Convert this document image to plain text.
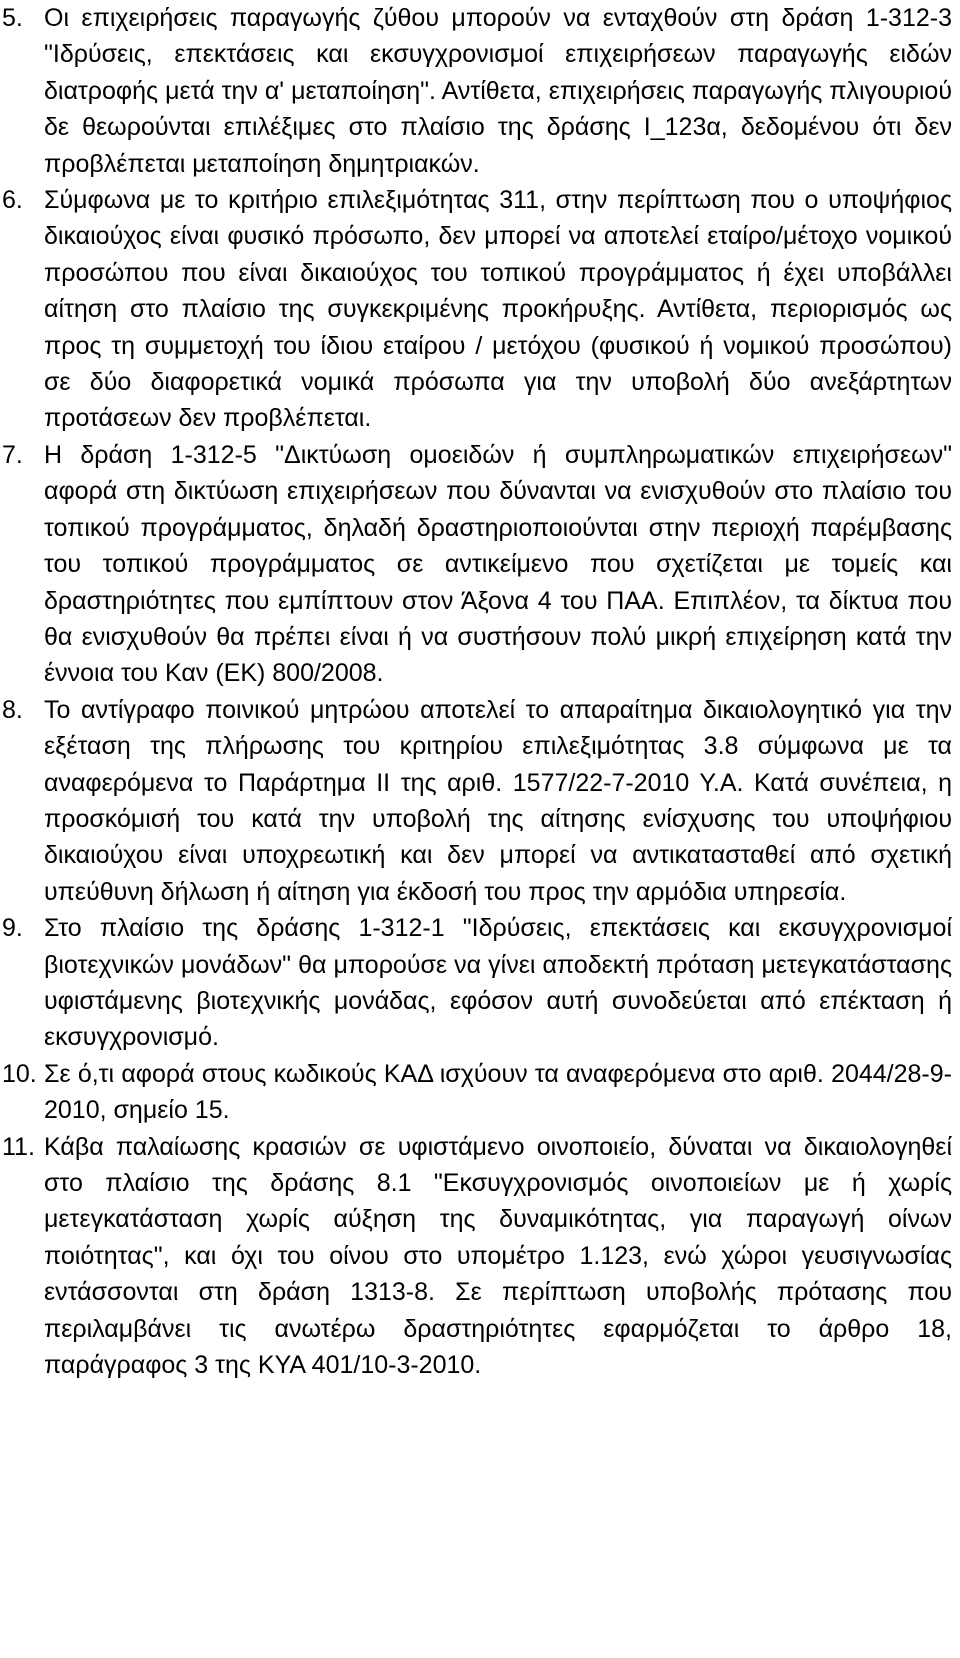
5. Οι επιχειρήσεις παραγωγής ζύθου μπορούν να ενταχθούν στη δράση 1-312-3 "Ιδρύσεις, επεκτάσεις και εκσυγχρονισμοί επιχειρήσεων παραγωγής ειδών διατροφής μετά την α' μεταποίηση". Αντίθετα, επιχειρήσεις παραγωγής πλιγουριού δε θεωρούνται επιλέξιμες στο πλαίσιο της δράσης Ι_123α, δεδομένου ότι δεν προβλέπεται μεταποίηση δημητριακών.
6. Σύμφωνα με το κριτήριο επιλεξιμότητας 311, στην περίπτωση που ο υποψήφιος δικαιούχος είναι φυσικό πρόσωπο, δεν μπορεί να αποτελεί εταίρο/μέτοχο νομικού προσώπου που είναι δικαιούχος του τοπικού προγράμματος ή έχει υποβάλλει αίτηση στο πλαίσιο της συγκεκριμένης προκήρυξης. Αντίθετα, περιορισμός ως προς τη συμμετοχή του ίδιου εταίρου / μετόχου (φυσικού ή νομικού προσώπου) σε δύο διαφορετικά νομικά πρόσωπα για την υποβολή δύο ανεξάρτητων προτάσεων δεν προβλέπεται.
7. Η δράση 1-312-5 "Δικτύωση ομοειδών ή συμπληρωματικών επιχειρήσεων" αφορά στη δικτύωση επιχειρήσεων που δύνανται να ενισχυθούν στο πλαίσιο του τοπικού προγράμματος, δηλαδή δραστηριοποιούνται στην περιοχή παρέμβασης του τοπικού προγράμματος σε αντικείμενο που σχετίζεται με τομείς και δραστηριότητες που εμπίπτουν στον Άξονα 4 του ΠΑΑ. Επιπλέον, τα δίκτυα που θα ενισχυθούν θα πρέπει είναι ή να συστήσουν πολύ μικρή επιχείρηση κατά την έννοια του Καν (ΕΚ) 800/2008.
8. Το αντίγραφο ποινικού μητρώου αποτελεί το απαραίτημα δικαιολογητικό για την εξέταση της πλήρωσης του κριτηρίου επιλεξιμότητας 3.8 σύμφωνα με τα αναφερόμενα το Παράρτημα ΙΙ της αριθ. 1577/22-7-2010 Υ.Α. Κατά συνέπεια, η προσκόμισή του κατά την υποβολή της αίτησης ενίσχυσης του υποψήφιου δικαιούχου είναι υποχρεωτική και δεν μπορεί να αντικατασταθεί από σχετική υπεύθυνη δήλωση ή αίτηση για έκδοσή του προς την αρμόδια υπηρεσία.
9. Στο πλαίσιο της δράσης 1-312-1 "Ιδρύσεις, επεκτάσεις και εκσυγχρονισμοί βιοτεχνικών μονάδων" θα μπορούσε να γίνει αποδεκτή πρόταση μετεγκατάστασης υφιστάμενης βιοτεχνικής μονάδας, εφόσον αυτή συνοδεύεται από επέκταση ή εκσυγχρονισμό.
10. Σε ό,τι αφορά στους κωδικούς ΚΑΔ ισχύουν τα αναφερόμενα στο αριθ. 2044/28-9-2010, σημείο 15.
11. Κάβα παλαίωσης κρασιών σε υφιστάμενο οινοποιείο, δύναται να δικαιολογηθεί στο πλαίσιο της δράσης 8.1 "Εκσυγχρονισμός οινοποιείων με ή χωρίς μετεγκατάσταση χωρίς αύξηση της δυναμικότητας, για παραγωγή οίνων ποιότητας", και όχι του οίνου στο υπομέτρο 1.123, ενώ χώροι γευσιγνωσίας εντάσσονται στη δράση 1313-8. Σε περίπτωση υποβολής πρότασης που περιλαμβάνει τις ανωτέρω δραστηριότητες εφαρμόζεται το άρθρο 18, παράγραφος 3 της ΚΥΑ 401/10-3-2010.
